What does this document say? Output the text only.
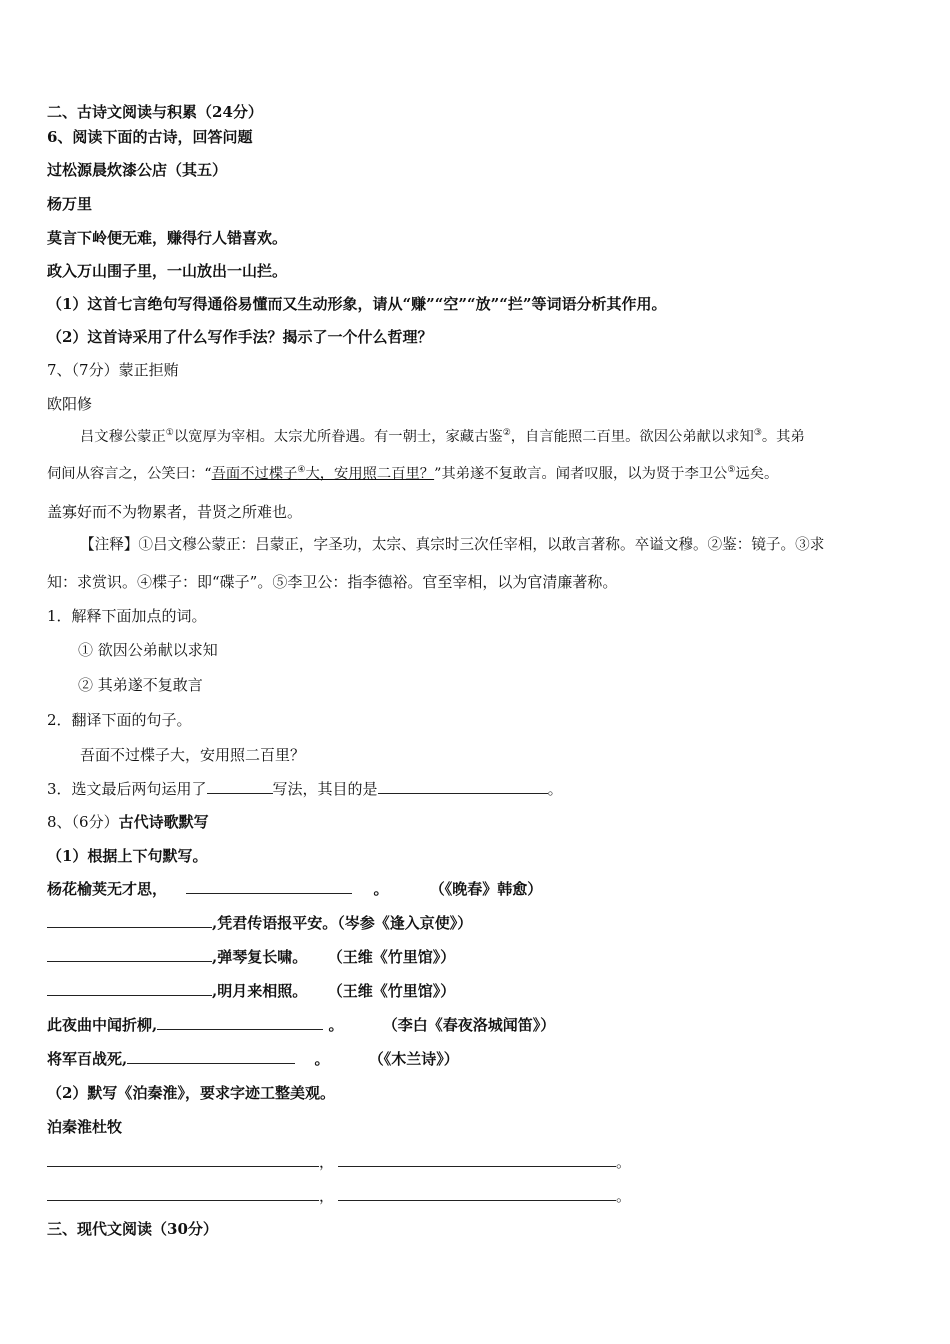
二、古诗文阅读与积累（24分）
6、阅读下面的古诗，回答问题
过松源晨炊漆公店（其五）
杨万里
莫言下岭便无难，赚得行人错喜欢。
政入万山围子里，一山放出一山拦。
（1）这首七言绝句写得通俗易懂而又生动形象，请从“赚”“空”“放”“拦”等词语分析其作用。
（2）这首诗采用了什么写作手法？揭示了一个什么哲理？
7、（7分）蒙正拒贿
欧阳修
吕文穆公蒙正①以宽厚为宰相。太宗尤所眷遇。有一朝士，家藏古鉴②，自言能照二百里。欲因公弟献以求知③。其弟
伺间从容言之，公笑曰：“吾面不过楪子④大，安用照二百里？”其弟遂不复敢言。闻者叹服，以为贤于李卫公⑤远矣。
盖寡好而不为物累者，昔贤之所难也。
【注释】①吕文穆公蒙正：吕蒙正，字圣功，太宗、真宗时三次任宰相，以敢言著称。卒谥文穆。②鉴：镜子。③求
知：求赏识。④楪子：即“碟子”。⑤李卫公：指李德裕。官至宰相，以为官清廉著称。
1．解释下面加点的词。
① 欲因公弟献以求知
② 其弟遂不复敢言
2．翻译下面的句子。
吾面不过楪子大，安用照二百里？
3．选文最后两句运用了	写法，其目的是	。
8、（6分）古代诗歌默写
（1）根据上下句默写。
杨花榆荚无才思，	。	（《晚春》韩愈）
,凭君传语报平安。（岑参《逢入京使》）
,弹琴复长啸。 （王维《竹里馆》）
,明月来相照。 （王维《竹里馆》）
此夜曲中闻折柳,	。	（李白《春夜洛城闻笛》）
将军百战死,	。	（《木兰诗》）
（2）默写《泊秦淮》，要求字迹工整美观。
泊秦淮杜牧
，	。
，	。
三、现代文阅读（30分）
